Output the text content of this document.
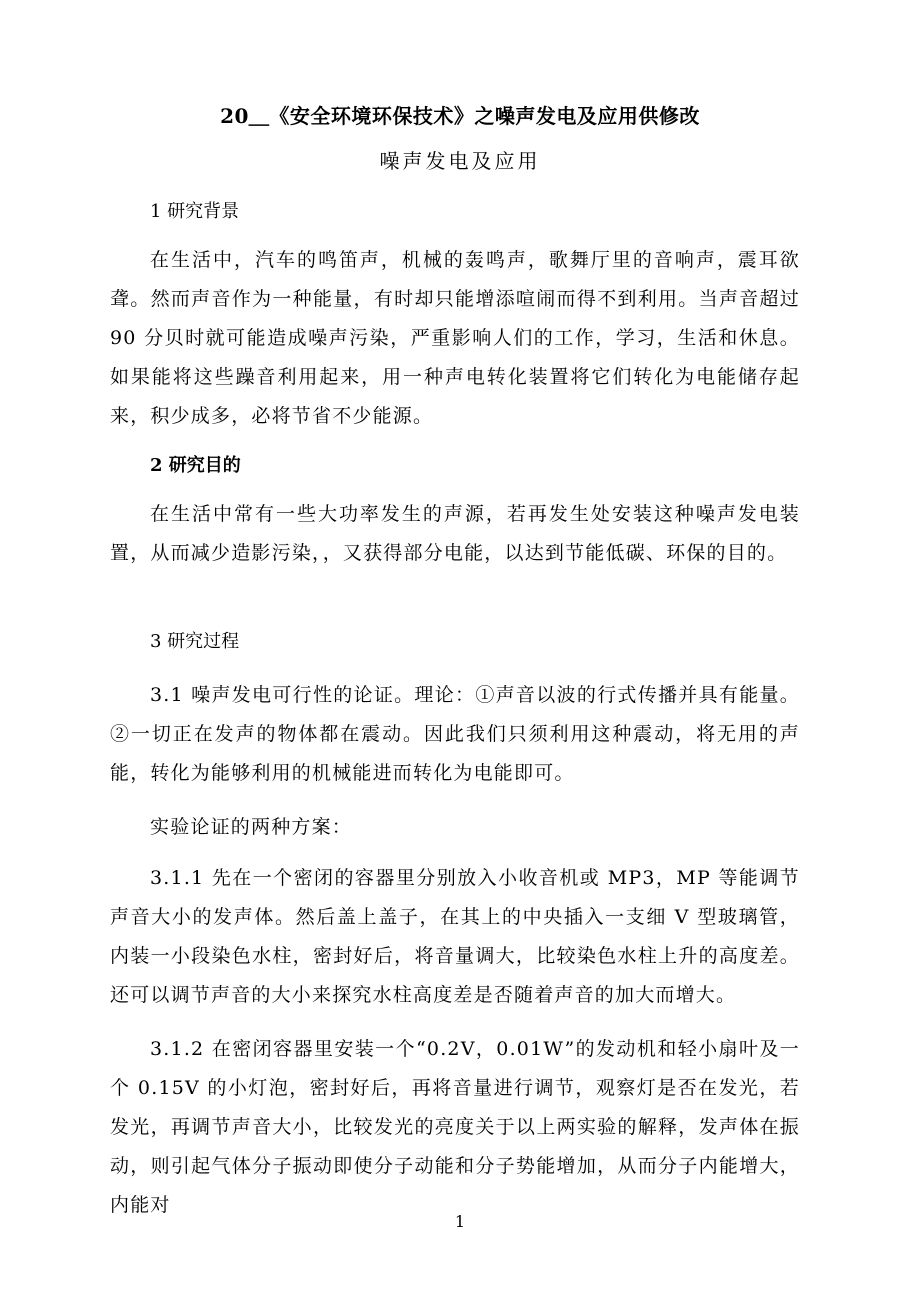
20＿《安全环境环保技术》之噪声发电及应用供修改
噪声发电及应用

1 研究背景

在生活中，汽车的鸣笛声，机械的轰鸣声，歌舞厅里的音响声，震耳欲聋。然而声音作为一种能量，有时却只能增添喧闹而得不到利用。当声音超过 90 分贝时就可能造成噪声污染，严重影响人们的工作，学习，生活和休息。如果能将这些躁音利用起来，用一种声电转化装置将它们转化为电能储存起来，积少成多，必将节省不少能源。

2 研究目的

在生活中常有一些大功率发生的声源，若再发生处安装这种噪声发电装置，从而减少造影污染，，又获得部分电能，以达到节能低碳、环保的目的。

3 研究过程

3.1 噪声发电可行性的论证。理论：①声音以波的行式传播并具有能量。②一切正在发声的物体都在震动。因此我们只须利用这种震动，将无用的声能，转化为能够利用的机械能进而转化为电能即可。

实验论证的两种方案：

3.1.1 先在一个密闭的容器里分别放入小收音机或 MP3，MP 等能调节声音大小的发声体。然后盖上盖子，在其上的中央插入一支细 V 型玻璃管，内装一小段染色水柱，密封好后，将音量调大，比较染色水柱上升的高度差。还可以调节声音的大小来探究水柱高度差是否随着声音的加大而增大。

3.1.2 在密闭容器里安装一个“0.2V，0.01W”的发动机和轻小扇叶及一个 0.15V 的小灯泡，密封好后，再将音量进行调节，观察灯是否在发光，若发光，再调节声音大小，比较发光的亮度关于以上两实验的解释，发声体在振动，则引起气体分子振动即使分子动能和分子势能增加，从而分子内能增大，内能对

1
